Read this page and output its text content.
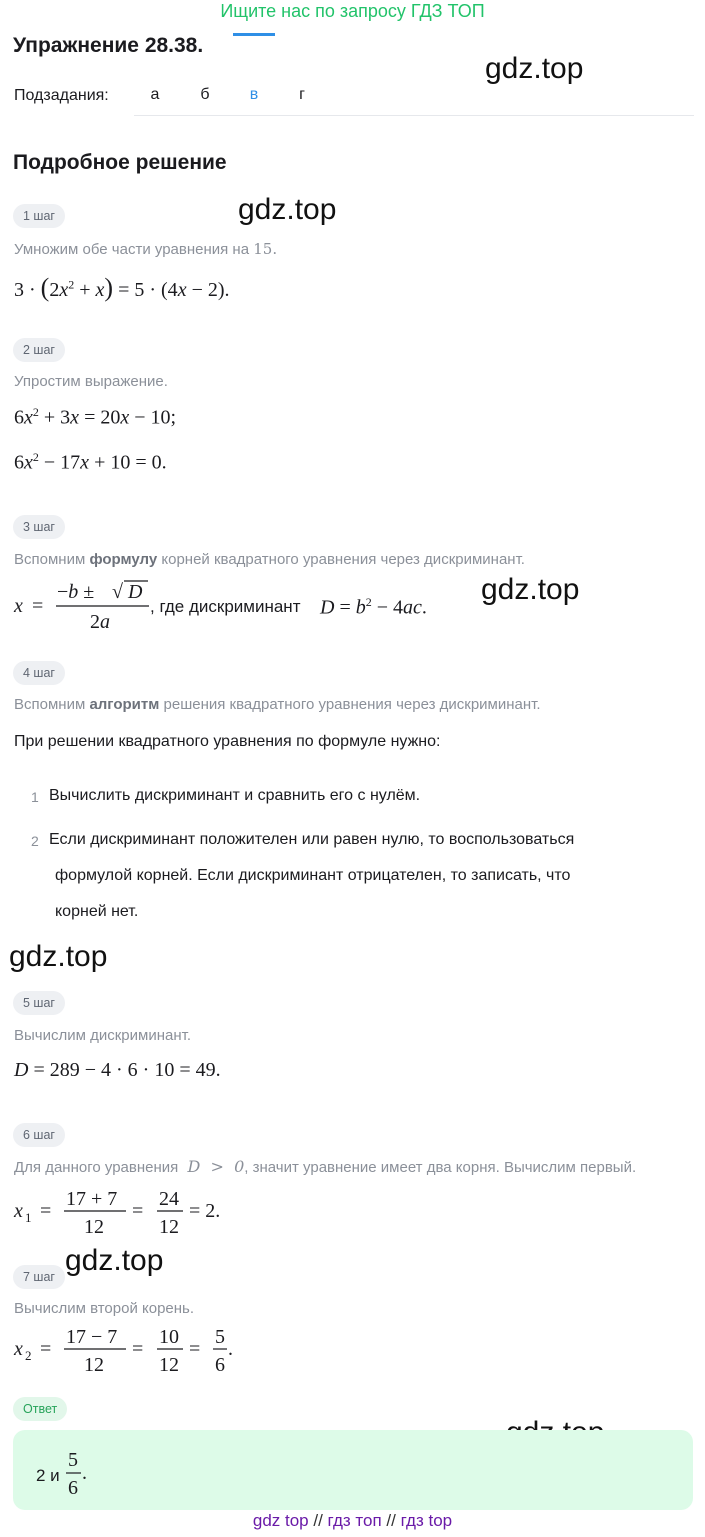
Ищите нас по запросу ГДЗ ТОП
Упражнение 28.38.
gdz.top
gdz.top
gdz.top
gdz.top
gdz.top
Подзадания:	а	б	в	г
Подробное решение
1 шаг
Умножим обе части уравнения на 15.
$3 \cdot (2x^2 + x) = 5 \cdot (4x - 2)$.
2 шаг
Упростим выражение.
$6x^2 + 3x = 20x - 10$;
$6x^2 - 17x + 10 = 0$.
3 шаг
Вспомним формулу корней квадратного уравнения через дискриминант.
x =
−b ± √ D
2a
, где дискриминант $D = b^2 - 4ac$.
4 шаг
Вспомним алгоритм решения квадратного уравнения через дискриминант.
При решении квадратного уравнения по формуле нужно:
1 Вычислить дискриминант и сравнить его с нулём.
2 Если дискриминант положителен или равен нулю, то воспользоваться
формулой корней. Если дискриминант отрицателен, то записать, что
корней нет.
5 шаг
Вычислим дискриминант.
D = 289 − 4 · 6 · 10 = 49.
6 шаг
Для данного уравнения  D  >  0, значит уравнение имеет два корня. Вычислим первый.
x 1 =
17 + 7
12
=
24
12
= 2.
7 шаг
Вычислим второй корень.
x 2 =
17 − 7
12
=
10
12
=
5
6
.
Ответ
2 и
5
6
.
gdz top // гдз топ // гдз top
